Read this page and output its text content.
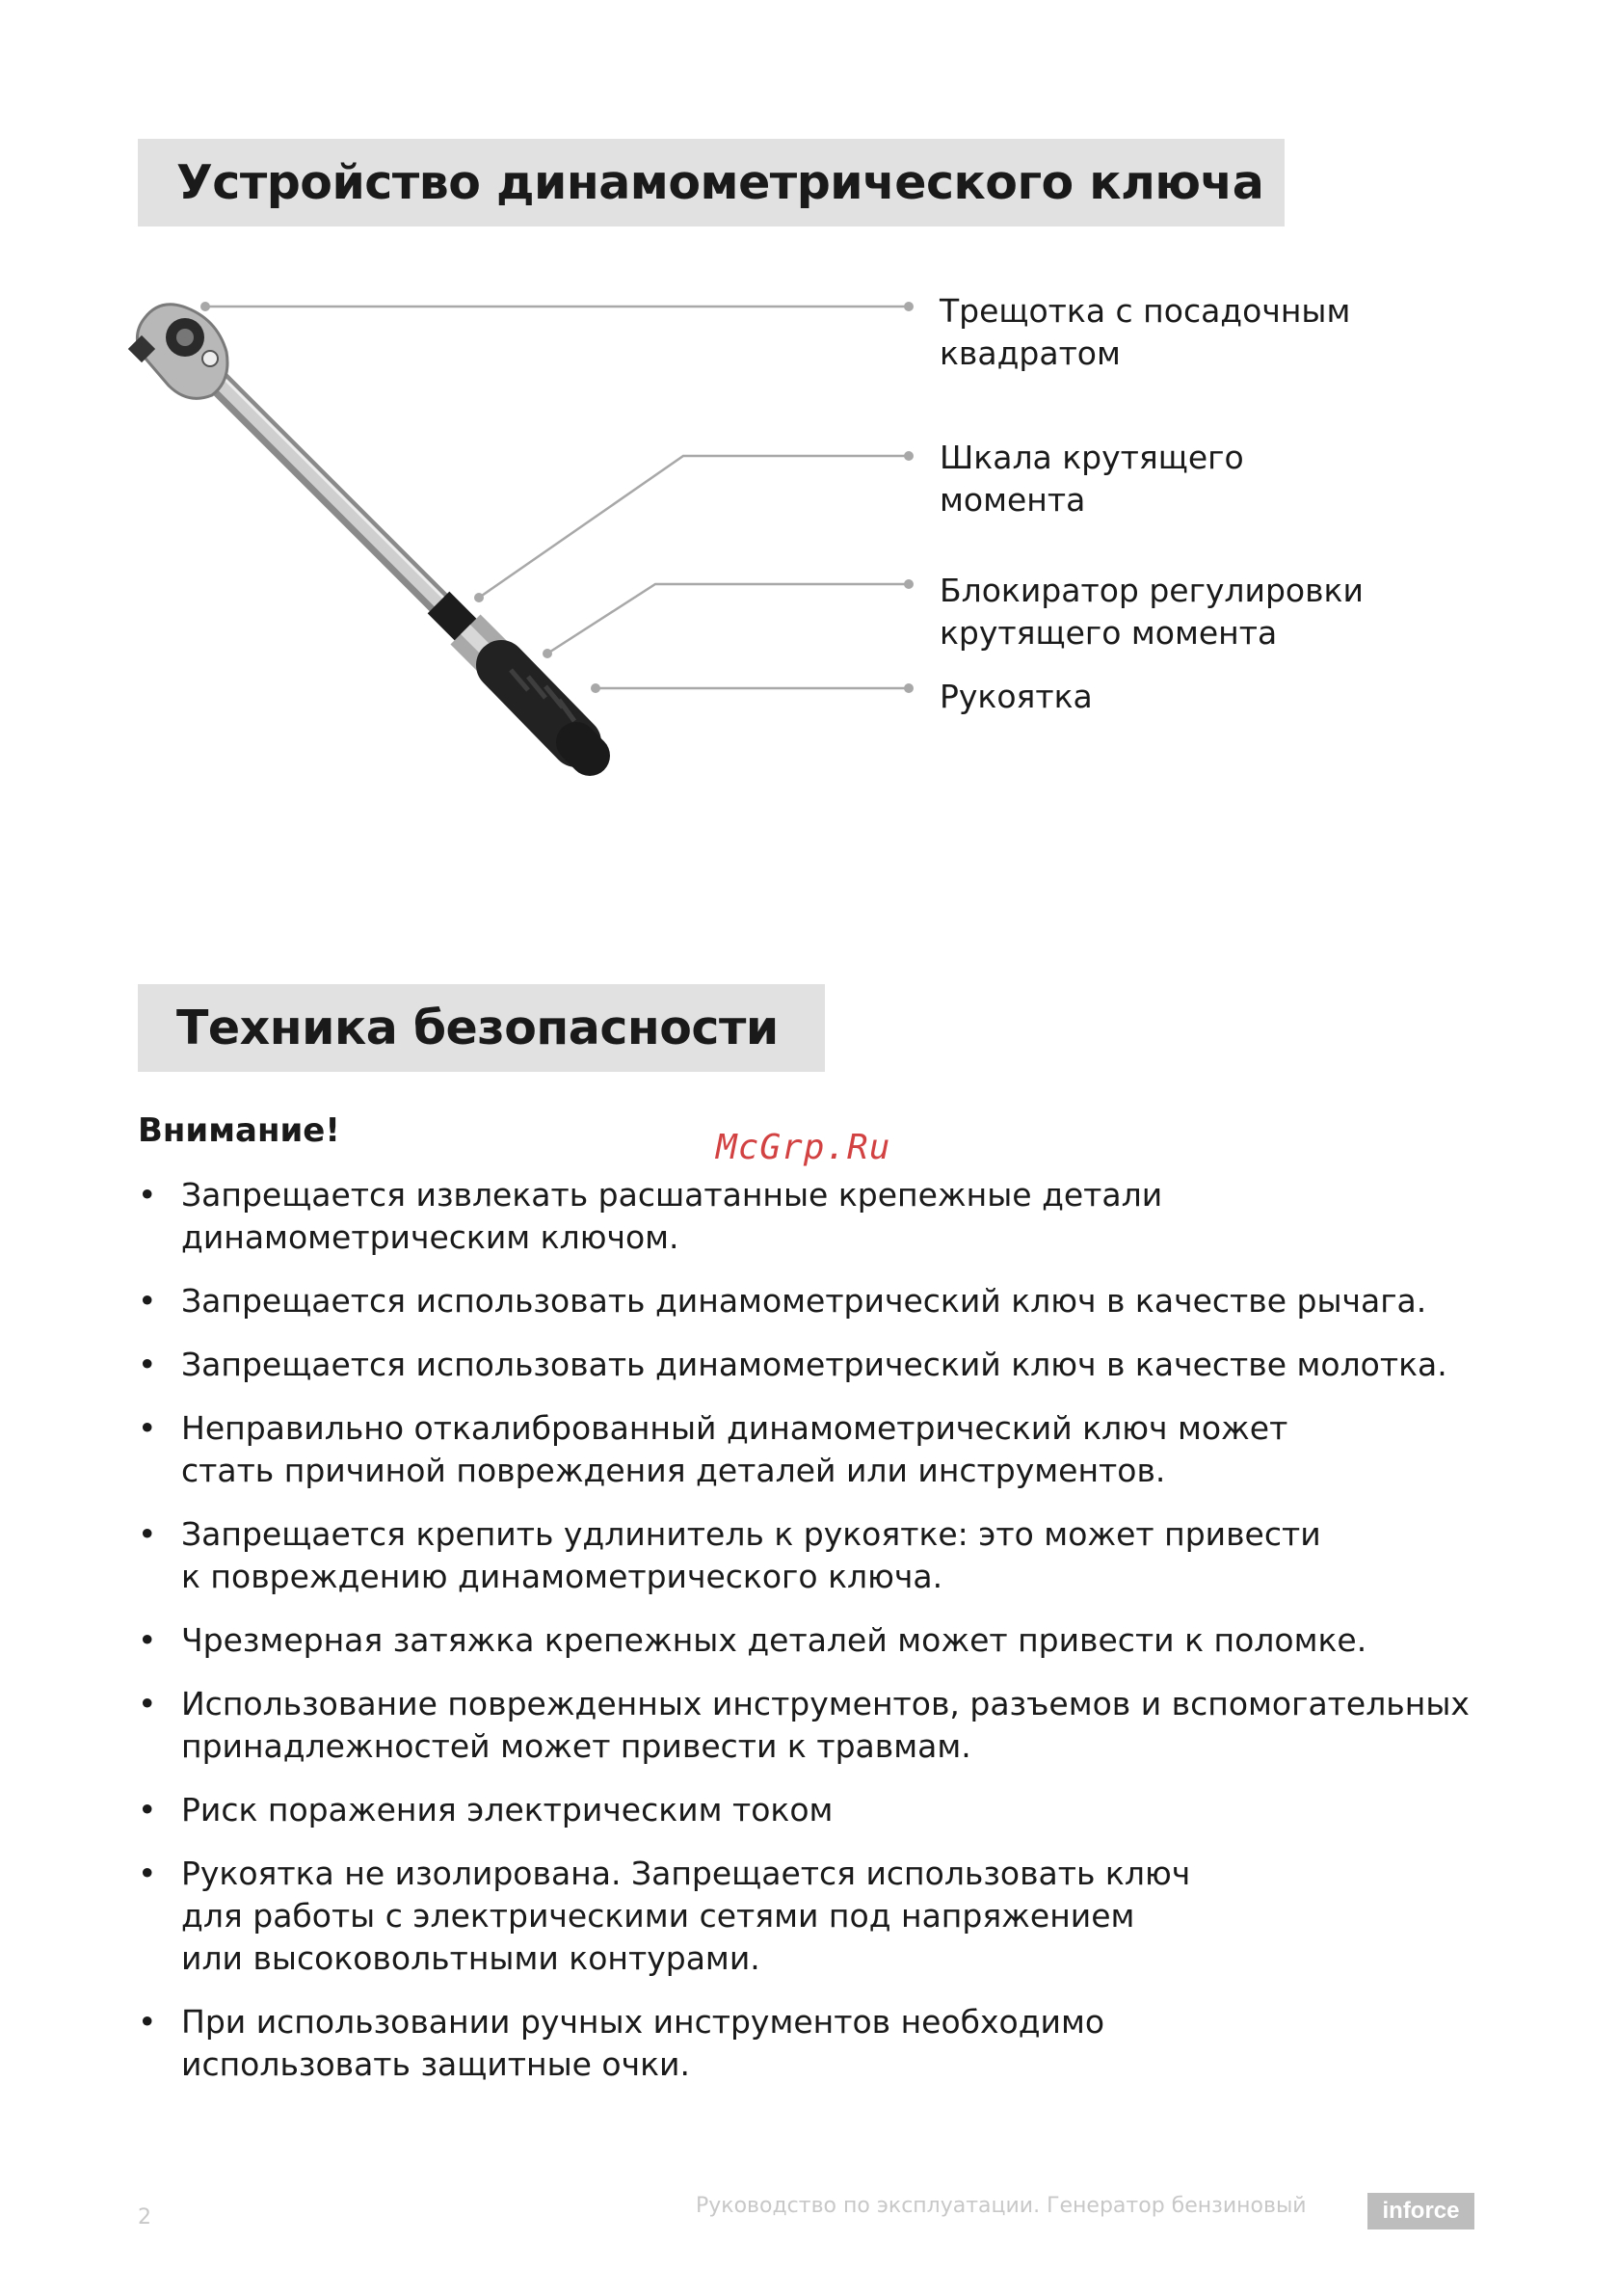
Устройство динамометрического ключа
Трещотка с посадочным
квадратом
Шкала крутящего
момента
Блокиратор регулировки
крутящего момента
Рукоятка
Техника безопасности
Внимание!	McGrp.Ru
• Запрещается извлекать расшатанные крепежные детали
динамометрическим ключом.
• Запрещается использовать динамометрический ключ в качестве рычага.
• Запрещается использовать динамометрический ключ в качестве молотка.
• Неправильно откалиброванный динамометрический ключ может
стать причиной повреждения деталей или инструментов.
• Запрещается крепить удлинитель к рукоятке: это может привести
к повреждению динамометрического ключа.
• Чрезмерная затяжка крепежных деталей может привести к поломке.
• Использование поврежденных инструментов, разъемов и вспомогательных
принадлежностей может привести к травмам.
• Риск поражения электрическим током
• Рукоятка не изолирована. Запрещается использовать ключ
для работы с электрическими сетями под напряжением
или высоковольтными контурами.
• При использовании ручных инструментов необходимо
использовать защитные очки.
2	Руководство по эксплуатации. Генератор бензиновый	inforce
